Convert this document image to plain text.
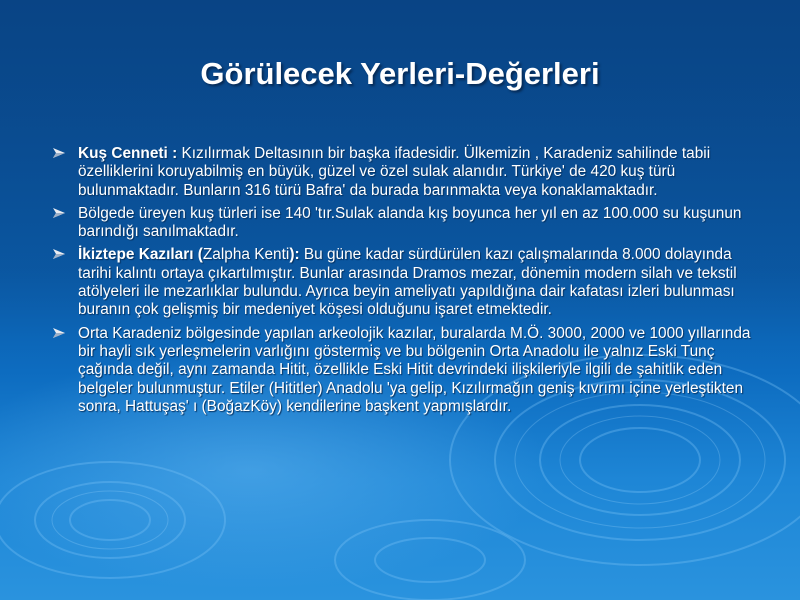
Görülecek Yerleri-Değerleri
Kuş Cenneti : Kızılırmak Deltasının bir başka ifadesidir. Ülkemizin , Karadeniz sahilinde tabii özelliklerini koruyabilmiş en büyük, güzel ve özel sulak alanıdır. Türkiye' de 420 kuş türü bulunmaktadır. Bunların 316 türü Bafra' da burada barınmakta veya konaklamaktadır.
Bölgede üreyen kuş türleri ise 140 'tır.Sulak alanda kış boyunca her yıl en az 100.000 su kuşunun barındığı sanılmaktadır.
İkiztepe Kazıları (Zalpha Kenti): Bu güne kadar sürdürülen kazı çalışmalarında 8.000 dolayında tarihi kalıntı ortaya çıkartılmıştır. Bunlar arasında Dramos mezar, dönemin modern silah ve tekstil atölyeleri ile mezarlıklar bulundu. Ayrıca beyin ameliyatı yapıldığına dair kafatası izleri bulunması buranın çok gelişmiş bir medeniyet köşesi olduğunu işaret etmektedir.
Orta Karadeniz bölgesinde yapılan arkeolojik kazılar, buralarda M.Ö. 3000, 2000 ve 1000 yıllarında bir hayli sık yerleşmelerin varlığını göstermiş ve bu bölgenin Orta Anadolu ile yalnız Eski Tunç çağında değil, aynı zamanda Hitit, özellikle Eski Hitit devrindeki ilişkileriyle ilgili de şahitlik eden belgeler bulunmuştur. Etiler (Hititler) Anadolu 'ya gelip, Kızılırmağın geniş kıvrımı içine yerleştikten sonra, Hattuşaş' ı (BoğazKöy) kendilerine başkent yapmışlardır.
